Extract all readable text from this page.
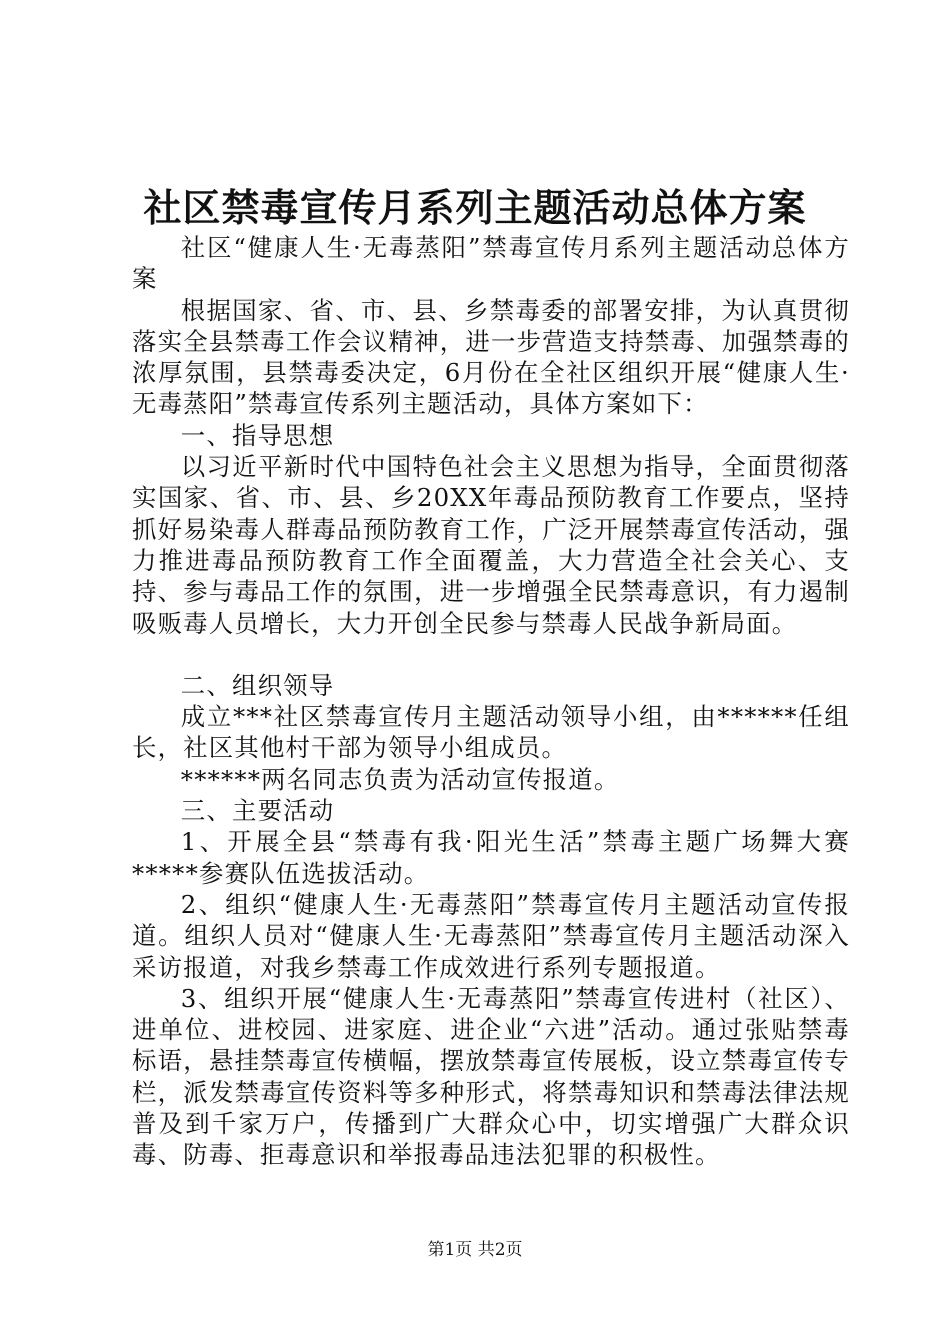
社区禁毒宣传月系列主题活动总体方案

社区“健康人生·无毒蒸阳”禁毒宣传月系列主题活动总体方案

根据国家、省、市、县、乡禁毒委的部署安排，为认真贯彻落实全县禁毒工作会议精神，进一步营造支持禁毒、加强禁毒的浓厚氛围，县禁毒委决定，6月份在全社区组织开展“健康人生·无毒蒸阳”禁毒宣传系列主题活动，具体方案如下：

一、指导思想

以习近平新时代中国特色社会主义思想为指导，全面贯彻落实国家、省、市、县、乡20XX年毒品预防教育工作要点，坚持抓好易染毒人群毒品预防教育工作，广泛开展禁毒宣传活动，强力推进毒品预防教育工作全面覆盖，大力营造全社会关心、支持、参与毒品工作的氛围，进一步增强全民禁毒意识，有力遏制吸贩毒人员增长，大力开创全民参与禁毒人民战争新局面。

二、组织领导

成立***社区禁毒宣传月主题活动领导小组，由******任组长，社区其他村干部为领导小组成员。

******两名同志负责为活动宣传报道。

三、主要活动

1、开展全县“禁毒有我·阳光生活”禁毒主题广场舞大赛*****参赛队伍选拔活动。

2、组织“健康人生·无毒蒸阳”禁毒宣传月主题活动宣传报道。组织人员对“健康人生·无毒蒸阳”禁毒宣传月主题活动深入采访报道，对我乡禁毒工作成效进行系列专题报道。

3、组织开展“健康人生·无毒蒸阳”禁毒宣传进村（社区）、进单位、进校园、进家庭、进企业“六进”活动。通过张贴禁毒标语，悬挂禁毒宣传横幅，摆放禁毒宣传展板，设立禁毒宣传专栏，派发禁毒宣传资料等多种形式，将禁毒知识和禁毒法律法规普及到千家万户，传播到广大群众心中，切实增强广大群众识毒、防毒、拒毒意识和举报毒品违法犯罪的积极性。

第1页 共2页
